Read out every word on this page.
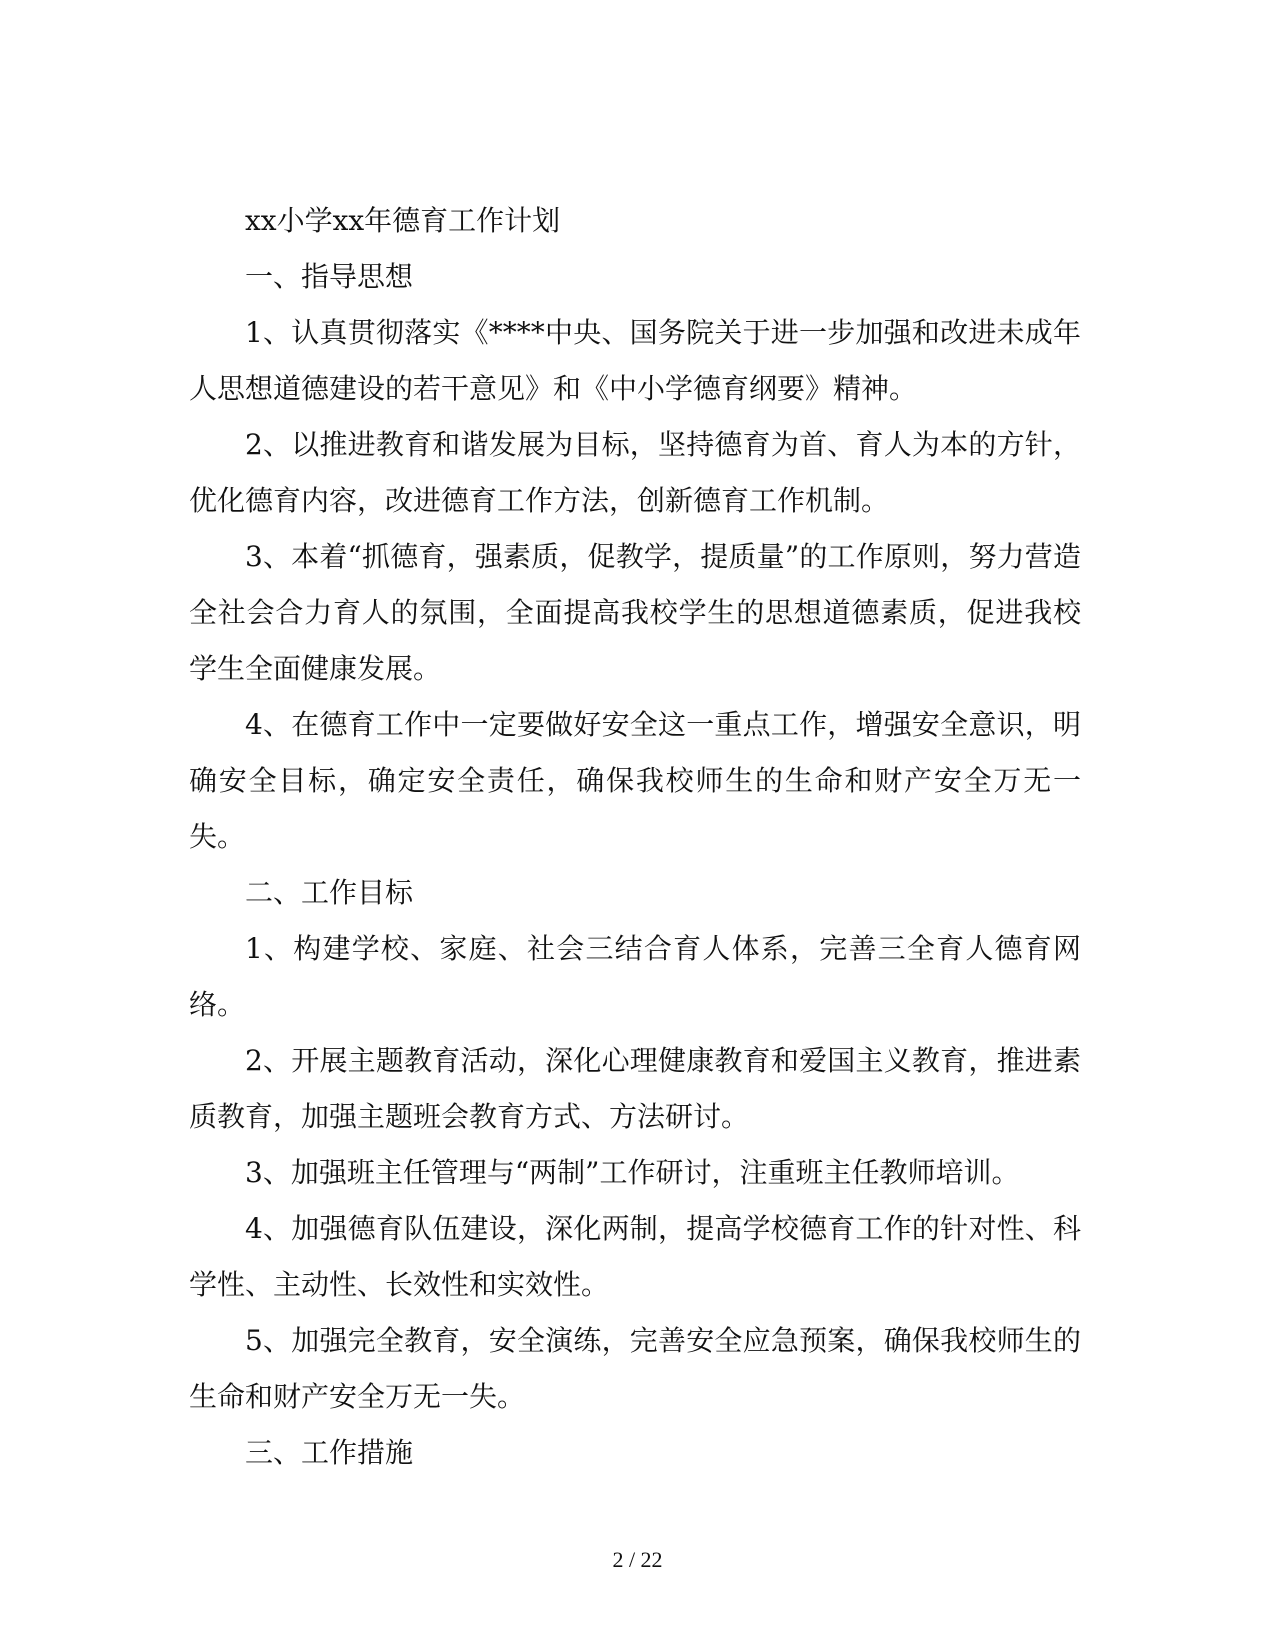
xx小学xx年德育工作计划

一、指导思想

1、认真贯彻落实《****中央、国务院关于进一步加强和改进未成年人思想道德建设的若干意见》和《中小学德育纲要》精神。

2、以推进教育和谐发展为目标，坚持德育为首、育人为本的方针，优化德育内容，改进德育工作方法，创新德育工作机制。

3、本着“抓德育，强素质，促教学，提质量”的工作原则，努力营造全社会合力育人的氛围，全面提高我校学生的思想道德素质，促进我校学生全面健康发展。

4、在德育工作中一定要做好安全这一重点工作，增强安全意识，明确安全目标，确定安全责任，确保我校师生的生命和财产安全万无一失。

二、工作目标

1、构建学校、家庭、社会三结合育人体系，完善三全育人德育网络。

2、开展主题教育活动，深化心理健康教育和爱国主义教育，推进素质教育，加强主题班会教育方式、方法研讨。

3、加强班主任管理与“两制”工作研讨，注重班主任教师培训。

4、加强德育队伍建设，深化两制，提高学校德育工作的针对性、科学性、主动性、长效性和实效性。

5、加强完全教育，安全演练，完善安全应急预案，确保我校师生的生命和财产安全万无一失。

三、工作措施

2 / 22
